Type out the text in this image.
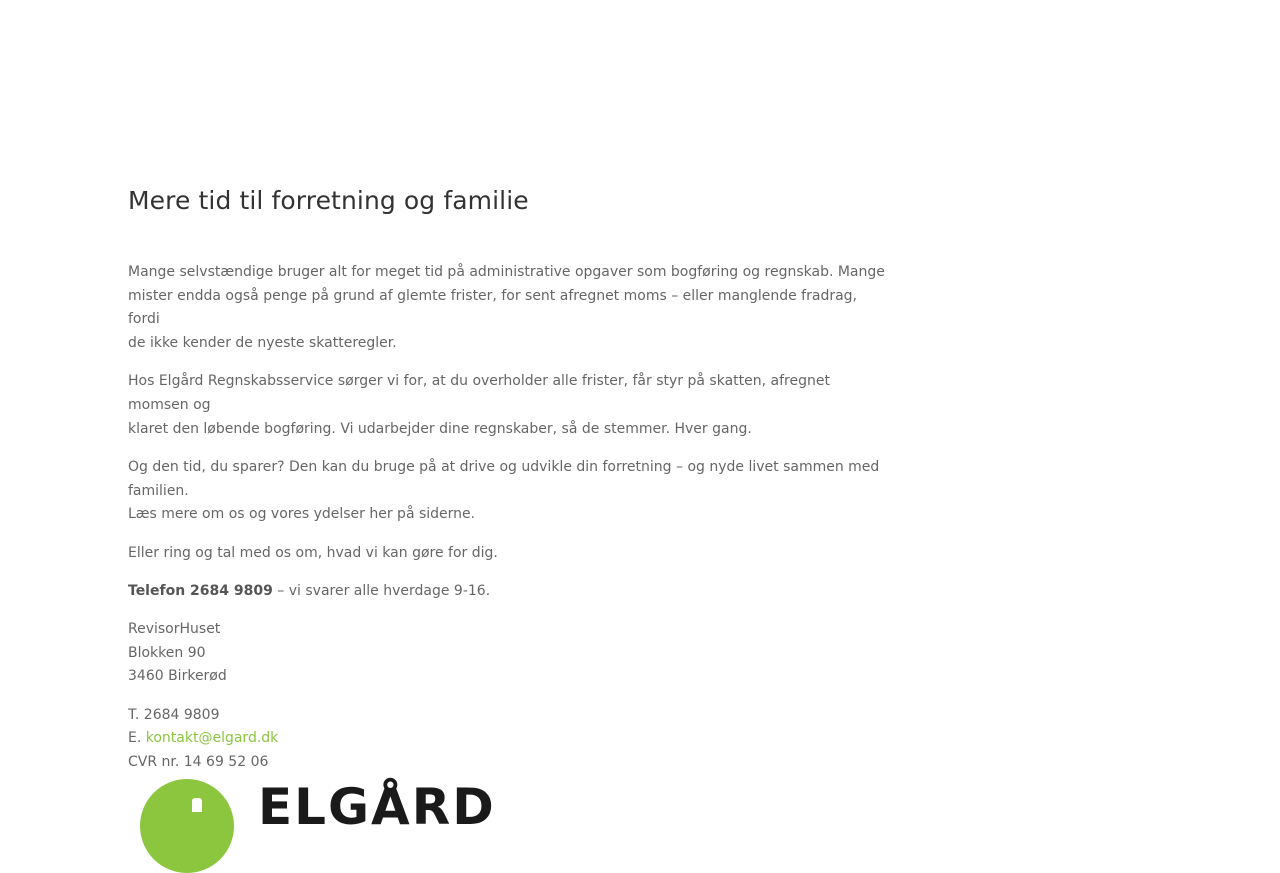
Mere tid til forretning og familie

Mange selvstændige bruger alt for meget tid på administrative opgaver som bogføring og regnskab. Mange
mister endda også penge på grund af glemte frister, for sent afregnet moms – eller manglende fradrag, fordi
de ikke kender de nyeste skatteregler.

Hos Elgård Regnskabsservice sørger vi for, at du overholder alle frister, får styr på skatten, afregnet momsen og
klaret den løbende bogføring. Vi udarbejder dine regnskaber, så de stemmer. Hver gang.

Og den tid, du sparer? Den kan du bruge på at drive og udvikle din forretning – og nyde livet sammen med
familien.
Læs mere om os og vores ydelser her på siderne.

Eller ring og tal med os om, hvad vi kan gøre for dig.

Telefon 2684 9809 – vi svarer alle hverdage 9-16.

RevisorHuset
Blokken 90
3460 Birkerød

T. 2684 9809
E. kontakt@elgard.dk
CVR nr. 14 69 52 06

ELGÅRD
